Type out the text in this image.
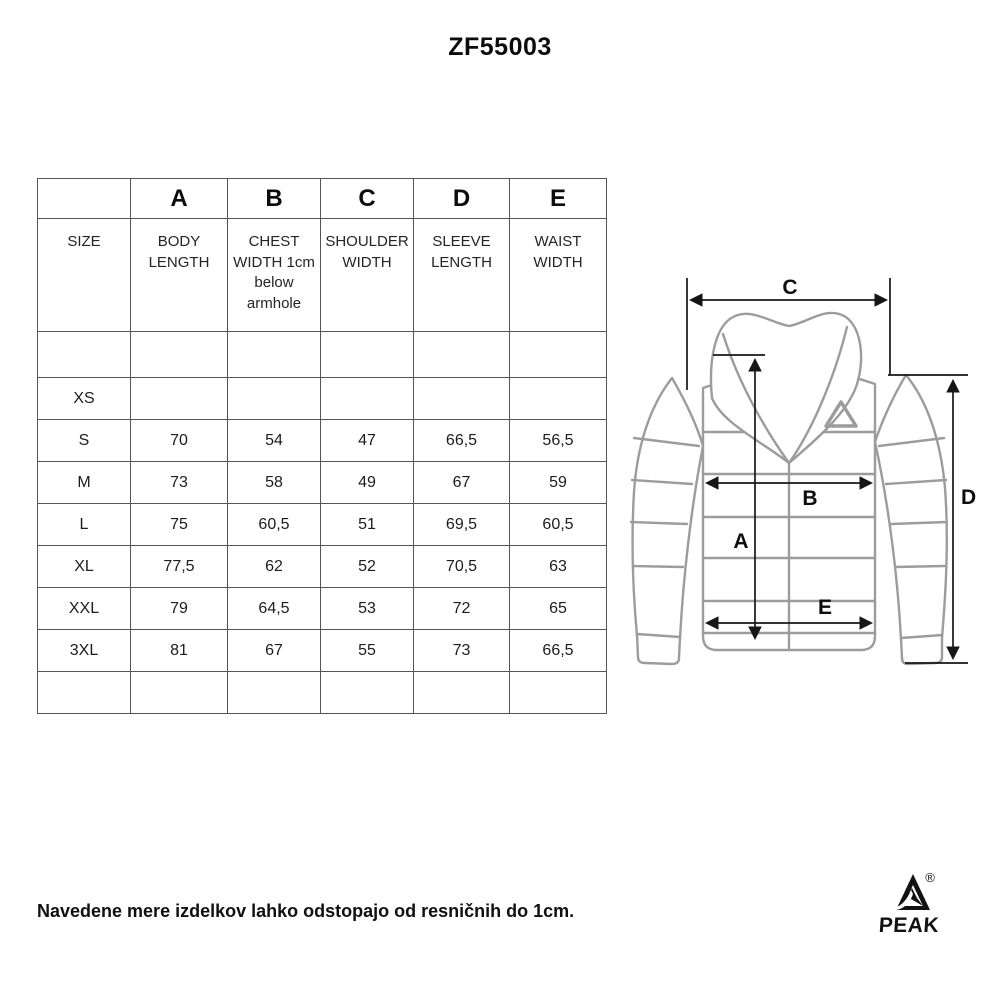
ZF55003
	A	B	C	D	E
SIZE	BODY LENGTH	CHEST WIDTH 1cm below armhole	SHOULDER WIDTH	SLEEVE LENGTH	WAIST WIDTH

XS					
S	70	54	47	66,5	56,5
M	73	58	49	67	59
L	75	60,5	51	69,5	60,5
XL	77,5	62	52	70,5	63
XXL	79	64,5	53	72	65
3XL	81	67	55	73	66,5

C
A
B
E
D
Navedene mere izdelkov lahko odstopajo od resničnih do 1cm.
®
PEAK
